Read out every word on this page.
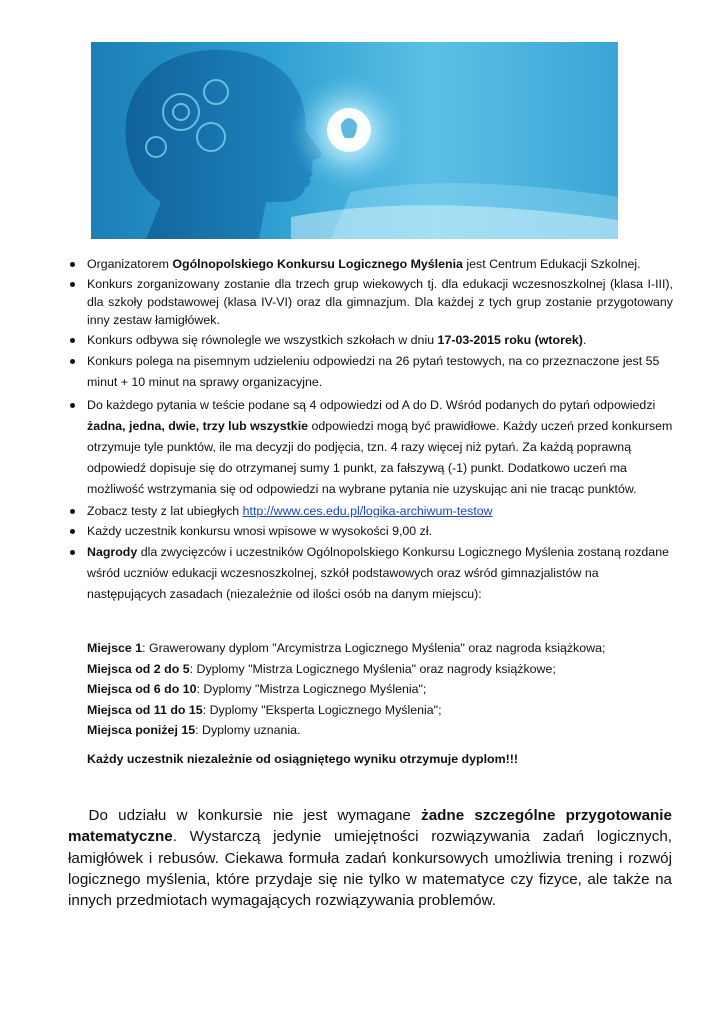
Organizatorem Ogólnopolskiego Konkursu Logicznego Myślenia jest Centrum Edukacji Szkolnej.
Konkurs zorganizowany zostanie dla trzech grup wiekowych tj. dla edukacji wczesnoszkolnej (klasa I-III), dla szkoły podstawowej (klasa IV-VI) oraz dla gimnazjum. Dla każdej z tych grup zostanie przygotowany inny zestaw łamigłówek.
Konkurs odbywa się równolegle we wszystkich szkołach w dniu 17-03-2015 roku (wtorek).
Konkurs polega na pisemnym udzieleniu odpowiedzi na 26 pytań testowych, na co przeznaczone jest 55 minut + 10 minut na sprawy organizacyjne.
Do każdego pytania w teście podane są 4 odpowiedzi od A do D. Wśród podanych do pytań odpowiedzi żadna, jedna, dwie, trzy lub wszystkie odpowiedzi mogą być prawidłowe. Każdy uczeń przed konkursem otrzymuje tyle punktów, ile ma decyzji do podjęcia, tzn. 4 razy więcej niż pytań. Za każdą poprawną odpowiedź dopisuje się do otrzymanej sumy 1 punkt, za fałszywą (-1) punkt. Dodatkowo uczeń ma możliwość wstrzymania się od odpowiedzi na wybrane pytania nie uzyskując ani nie tracąc punktów.
Zobacz testy z lat ubiegłych http://www.ces.edu.pl/logika-archiwum-testow
Każdy uczestnik konkursu wnosi wpisowe w wysokości 9,00 zł.
Nagrody dla zwycięzców i uczestników Ogólnopolskiego Konkursu Logicznego Myślenia zostaną rozdane wśród uczniów edukacji wczesnoszkolnej, szkół podstawowych oraz wśród gimnazjalistów na następujących zasadach (niezależnie od ilości osób na danym miejscu):
Miejsce 1: Grawerowany dyplom "Arcymistrza Logicznego Myślenia" oraz nagroda książkowa;
Miejsca od 2 do 5: Dyplomy "Mistrza Logicznego Myślenia" oraz nagrody książkowe;
Miejsca od 6 do 10: Dyplomy "Mistrza Logicznego Myślenia";
Miejsca od 11 do 15: Dyplomy "Eksperta Logicznego Myślenia";
Miejsca poniżej 15: Dyplomy uznania.
Każdy uczestnik niezależnie od osiągniętego wyniku otrzymuje dyplom!!!

Do udziału w konkursie nie jest wymagane żadne szczególne przygotowanie matematyczne. Wystarczą jedynie umiejętności rozwiązywania zadań logicznych, łamigłówek i rebusów. Ciekawa formuła zadań konkursowych umożliwia trening i rozwój logicznego myślenia, które przydaje się nie tylko w matematyce czy fizyce, ale także na innych przedmiotach wymagających rozwiązywania problemów.
